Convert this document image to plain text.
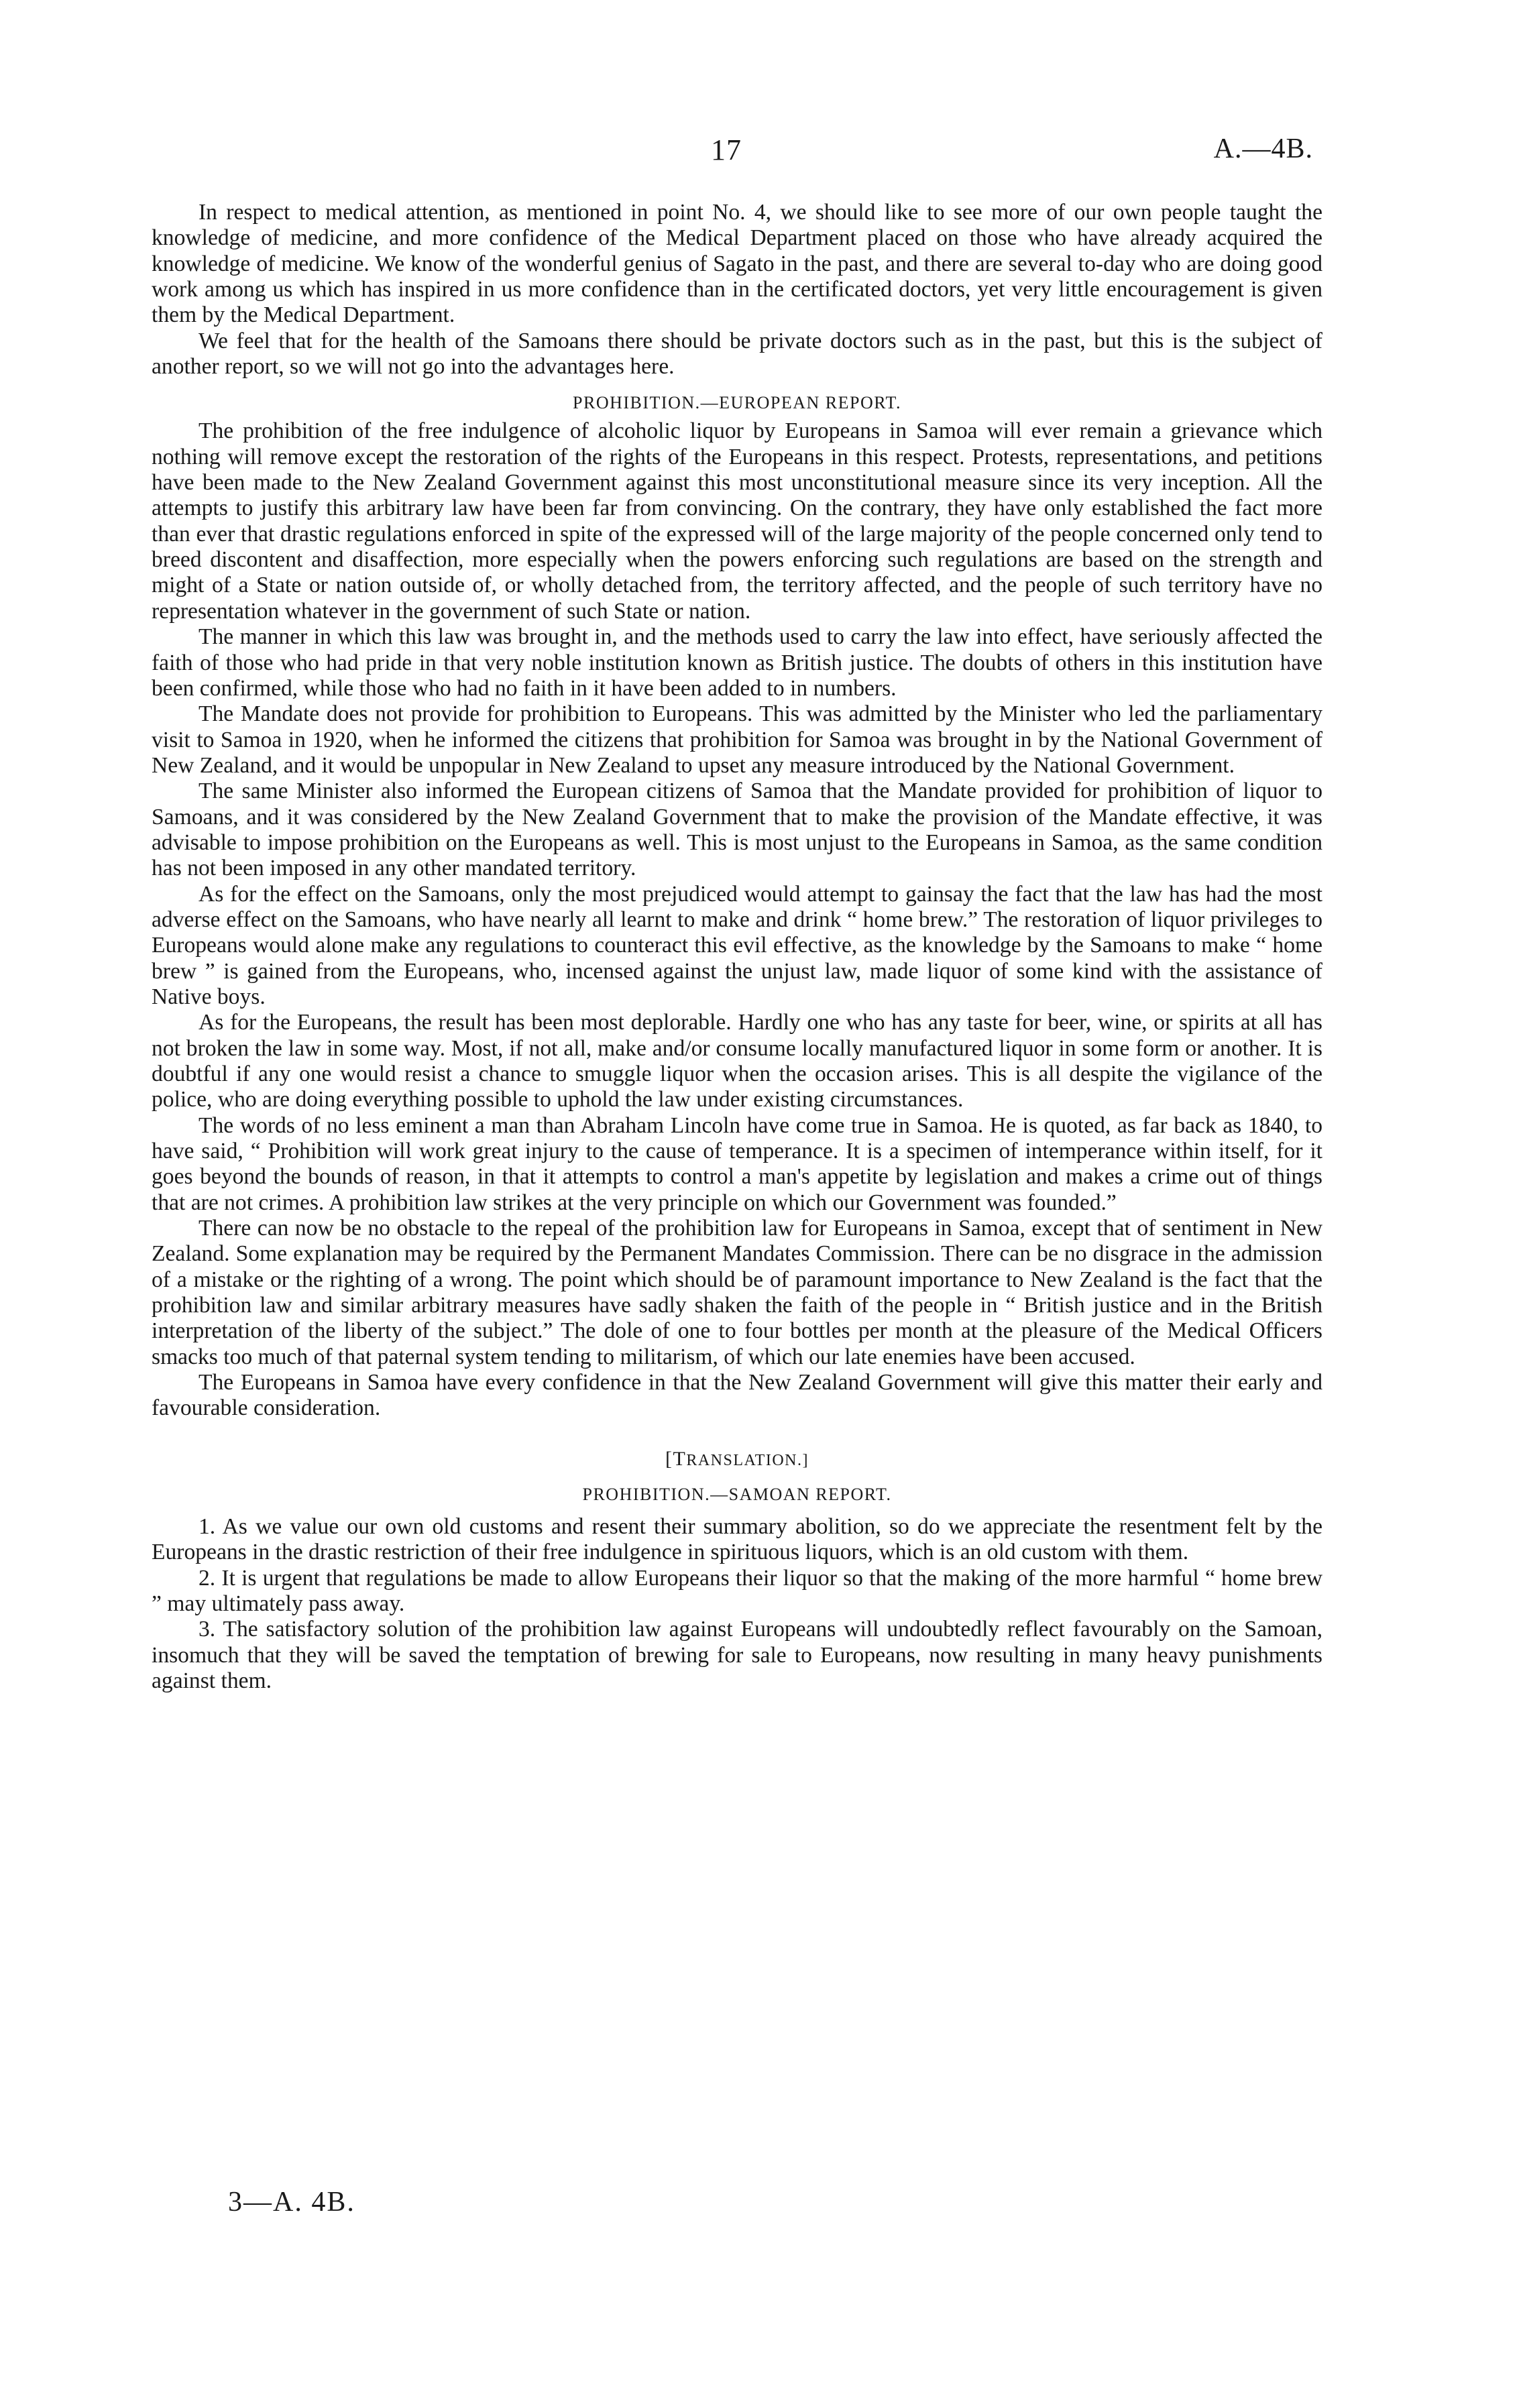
17	A.—4B.

In respect to medical attention, as mentioned in point No. 4, we should like to see more of our own people taught the knowledge of medicine, and more confidence of the Medical Department placed on those who have already acquired the knowledge of medicine. We know of the wonderful genius of Sagato in the past, and there are several to-day who are doing good work among us which has inspired in us more confidence than in the certificated doctors, yet very little encouragement is given them by the Medical Department.

We feel that for the health of the Samoans there should be private doctors such as in the past, but this is the subject of another report, so we will not go into the advantages here.

PROHIBITION.—EUROPEAN REPORT.

The prohibition of the free indulgence of alcoholic liquor by Europeans in Samoa will ever remain a grievance which nothing will remove except the restoration of the rights of the Europeans in this respect. Protests, representations, and petitions have been made to the New Zealand Government against this most unconstitutional measure since its very inception. All the attempts to justify this arbitrary law have been far from convincing. On the contrary, they have only established the fact more than ever that drastic regulations enforced in spite of the expressed will of the large majority of the people concerned only tend to breed discontent and disaffection, more especially when the powers enforcing such regulations are based on the strength and might of a State or nation outside of, or wholly detached from, the territory affected, and the people of such territory have no representation whatever in the government of such State or nation.

The manner in which this law was brought in, and the methods used to carry the law into effect, have seriously affected the faith of those who had pride in that very noble institution known as British justice. The doubts of others in this institution have been confirmed, while those who had no faith in it have been added to in numbers.

The Mandate does not provide for prohibition to Europeans. This was admitted by the Minister who led the parliamentary visit to Samoa in 1920, when he informed the citizens that prohibition for Samoa was brought in by the National Government of New Zealand, and it would be unpopular in New Zealand to upset any measure introduced by the National Government.

The same Minister also informed the European citizens of Samoa that the Mandate provided for prohibition of liquor to Samoans, and it was considered by the New Zealand Government that to make the provision of the Mandate effective, it was advisable to impose prohibition on the Europeans as well. This is most unjust to the Europeans in Samoa, as the same condition has not been imposed in any other mandated territory.

As for the effect on the Samoans, only the most prejudiced would attempt to gainsay the fact that the law has had the most adverse effect on the Samoans, who have nearly all learnt to make and drink “ home brew.” The restoration of liquor privileges to Europeans would alone make any regulations to counteract this evil effective, as the knowledge by the Samoans to make “ home brew ” is gained from the Europeans, who, incensed against the unjust law, made liquor of some kind with the assistance of Native boys.

As for the Europeans, the result has been most deplorable. Hardly one who has any taste for beer, wine, or spirits at all has not broken the law in some way. Most, if not all, make and/or consume locally manufactured liquor in some form or another. It is doubtful if any one would resist a chance to smuggle liquor when the occasion arises. This is all despite the vigilance of the police, who are doing everything possible to uphold the law under existing circumstances.

The words of no less eminent a man than Abraham Lincoln have come true in Samoa. He is quoted, as far back as 1840, to have said, “ Prohibition will work great injury to the cause of temperance. It is a specimen of intemperance within itself, for it goes beyond the bounds of reason, in that it attempts to control a man's appetite by legislation and makes a crime out of things that are not crimes. A prohibition law strikes at the very principle on which our Government was founded.”

There can now be no obstacle to the repeal of the prohibition law for Europeans in Samoa, except that of sentiment in New Zealand. Some explanation may be required by the Permanent Mandates Commission. There can be no disgrace in the admission of a mistake or the righting of a wrong. The point which should be of paramount importance to New Zealand is the fact that the prohibition law and similar arbitrary measures have sadly shaken the faith of the people in “ British justice and in the British interpretation of the liberty of the subject.” The dole of one to four bottles per month at the pleasure of the Medical Officers smacks too much of that paternal system tending to militarism, of which our late enemies have been accused.

The Europeans in Samoa have every confidence in that the New Zealand Government will give this matter their early and favourable consideration.

[TRANSLATION.]
PROHIBITION.—SAMOAN REPORT.

1. As we value our own old customs and resent their summary abolition, so do we appreciate the resentment felt by the Europeans in the drastic restriction of their free indulgence in spirituous liquors, which is an old custom with them.

2. It is urgent that regulations be made to allow Europeans their liquor so that the making of the more harmful “ home brew ” may ultimately pass away.

3. The satisfactory solution of the prohibition law against Europeans will undoubtedly reflect favourably on the Samoan, insomuch that they will be saved the temptation of brewing for sale to Europeans, now resulting in many heavy punishments against them.

3—A. 4B.
